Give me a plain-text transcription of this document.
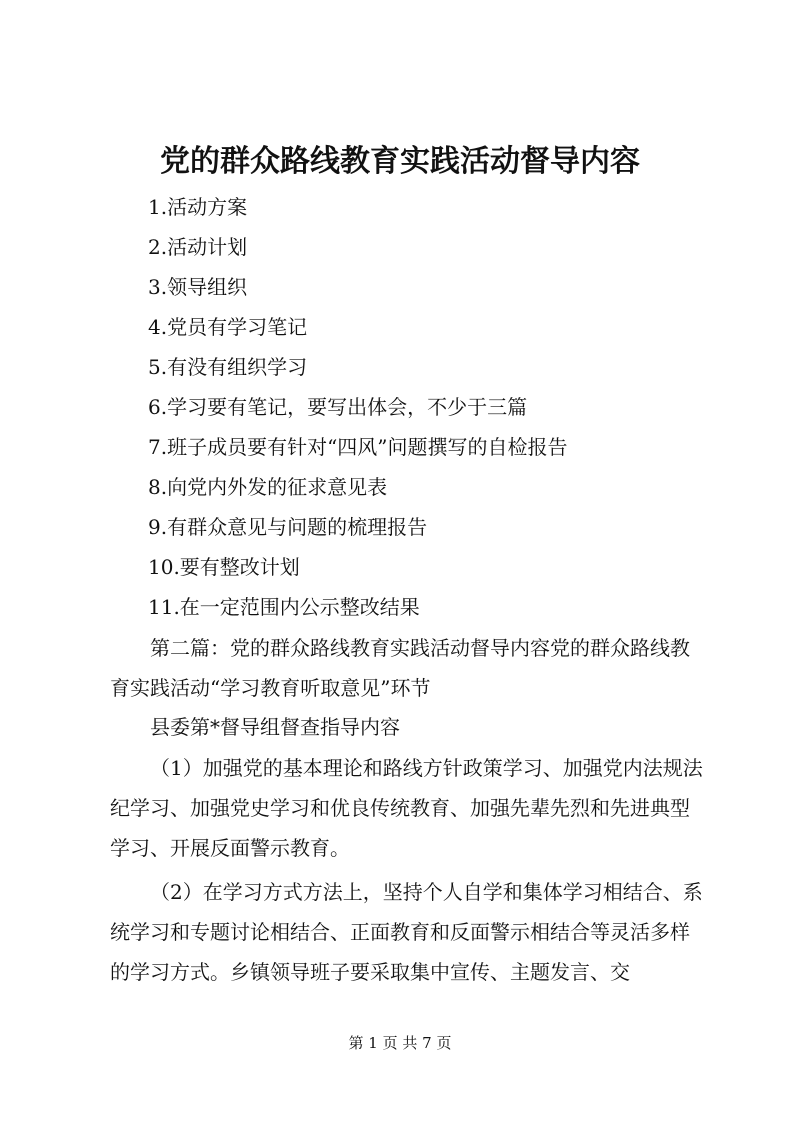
党的群众路线教育实践活动督导内容
1.活动方案
2.活动计划
3.领导组织
4.党员有学习笔记
5.有没有组织学习
6.学习要有笔记，要写出体会，不少于三篇
7.班子成员要有针对“四风”问题撰写的自检报告
8.向党内外发的征求意见表
9.有群众意见与问题的梳理报告
10.要有整改计划
11.在一定范围内公示整改结果
第二篇：党的群众路线教育实践活动督导内容党的群众路线教育实践活动“学习教育听取意见”环节
县委第*督导组督查指导内容
（1）加强党的基本理论和路线方针政策学习、加强党内法规法纪学习、加强党史学习和优良传统教育、加强先辈先烈和先进典型学习、开展反面警示教育。
（2）在学习方式方法上，坚持个人自学和集体学习相结合、系统学习和专题讨论相结合、正面教育和反面警示相结合等灵活多样的学习方式。乡镇领导班子要采取集中宣传、主题发言、交
第 1 页 共 7 页
